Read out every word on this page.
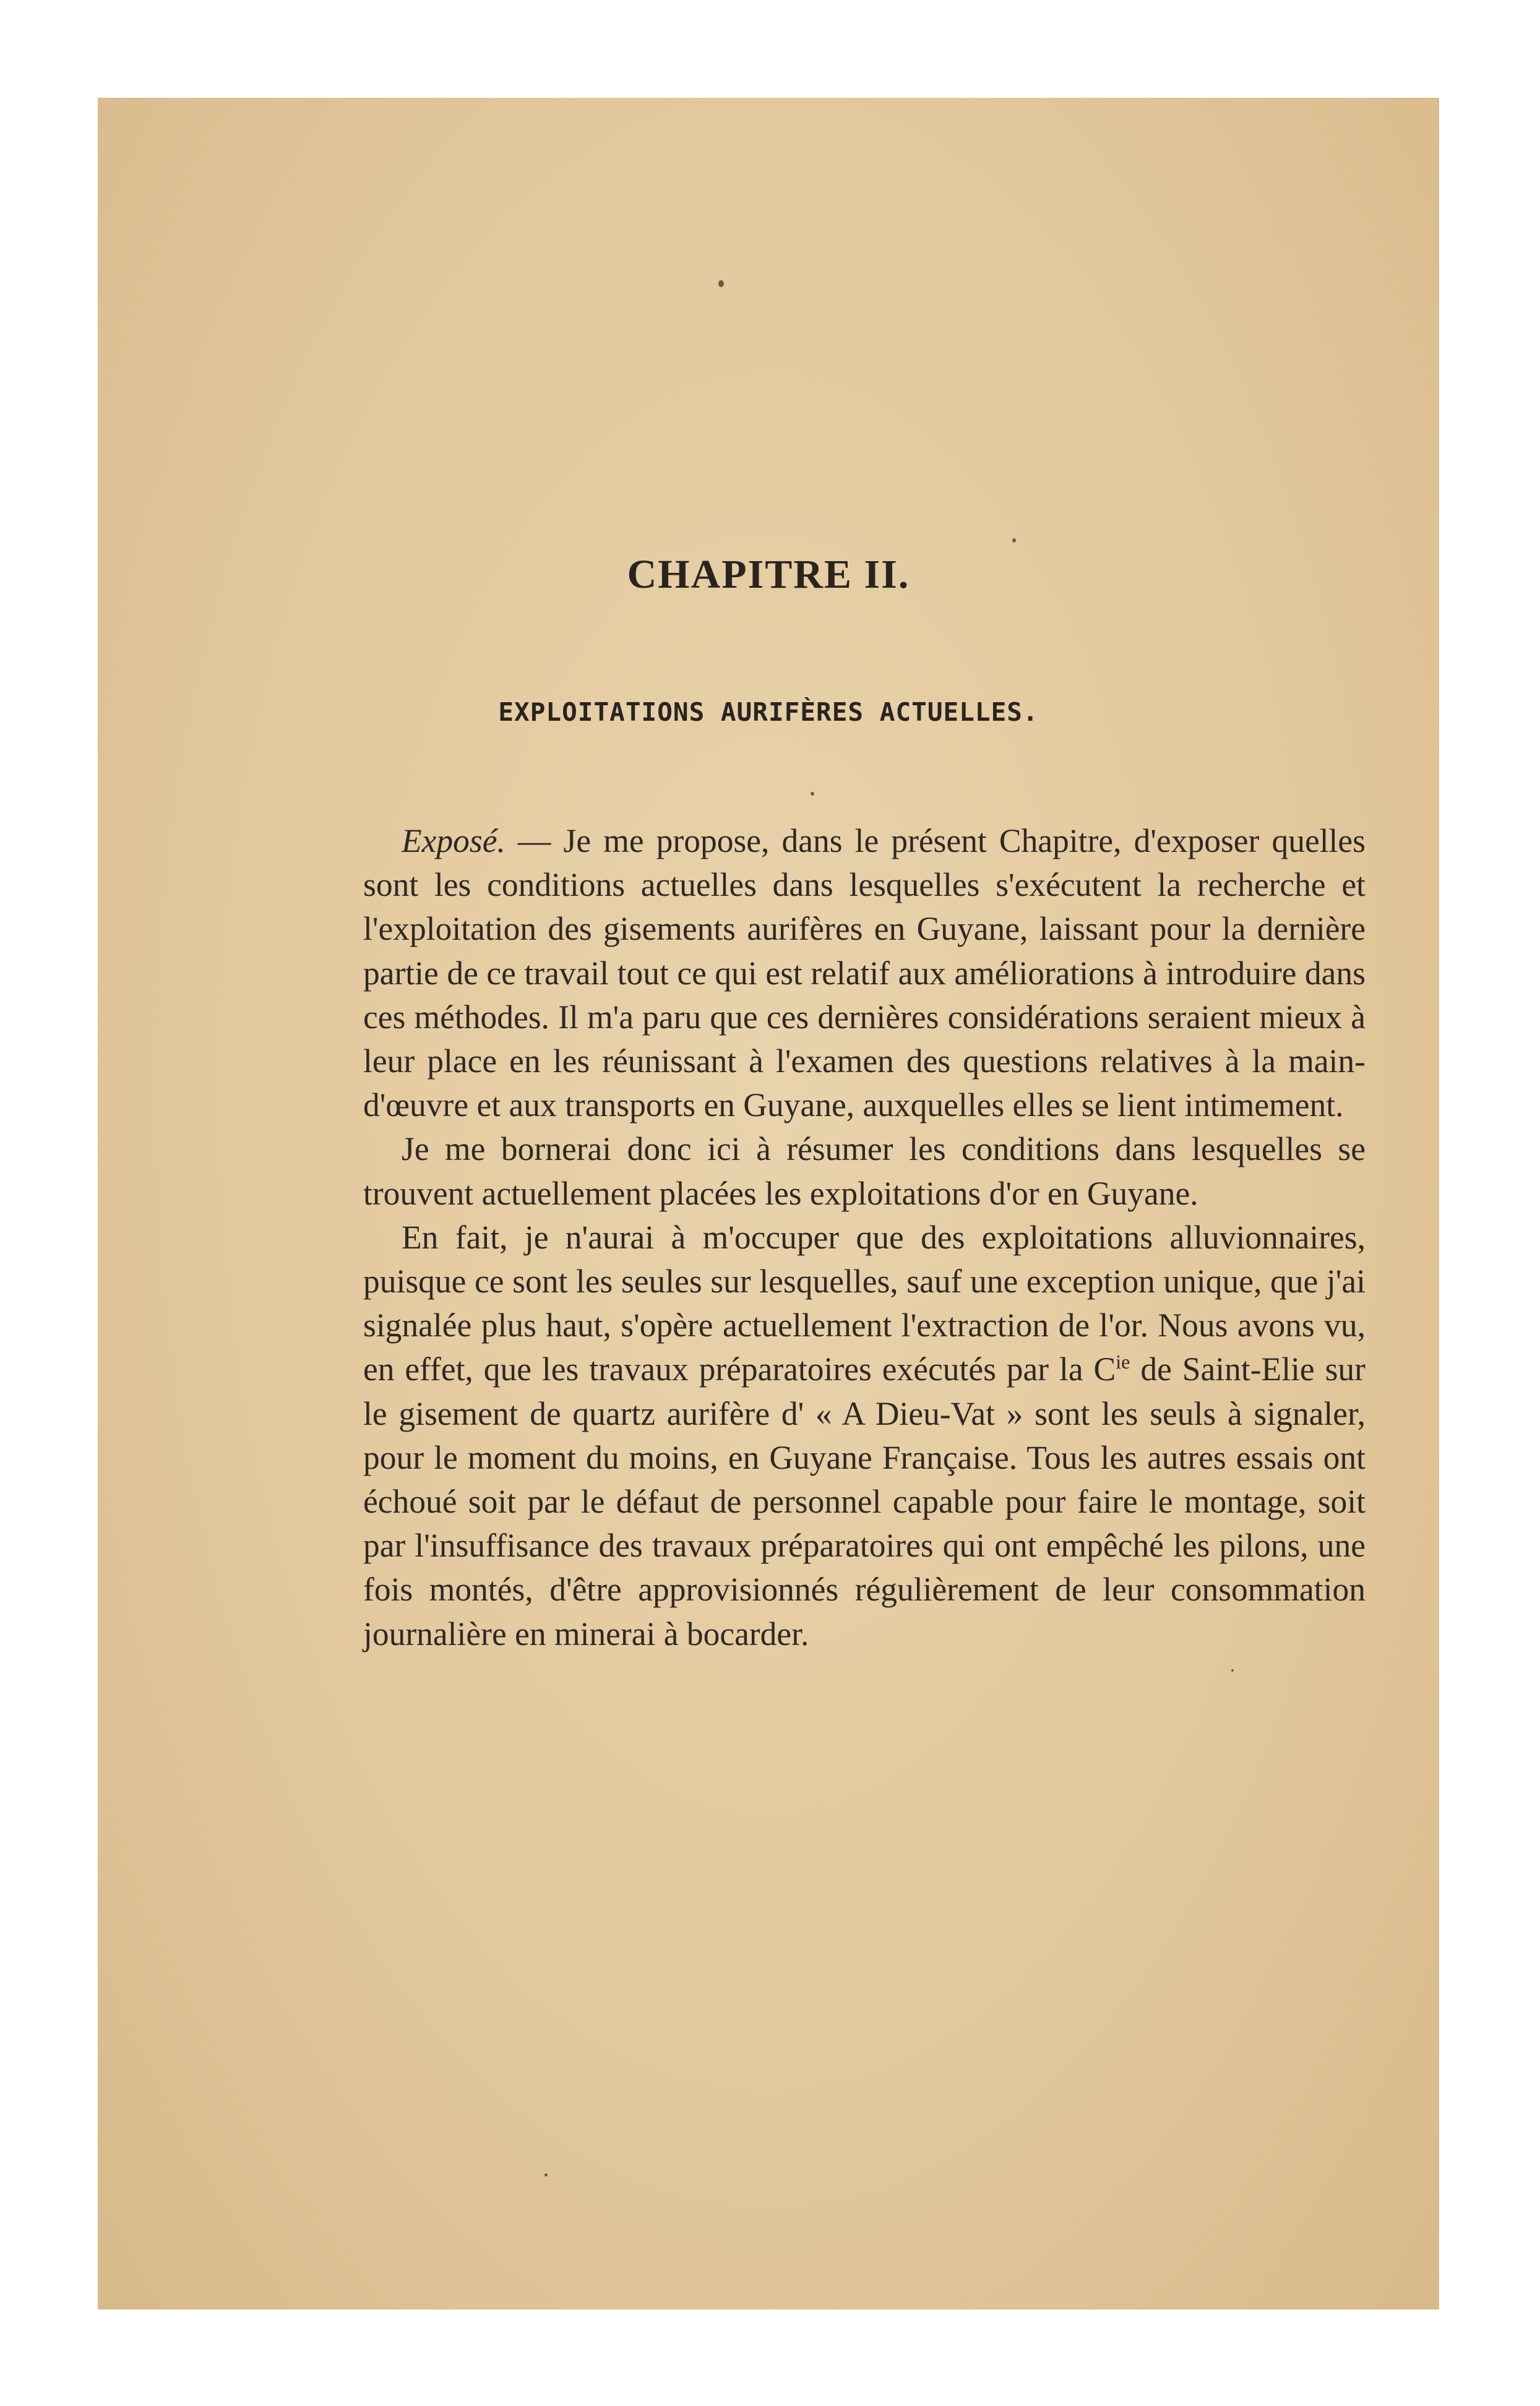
CHAPITRE II.
EXPLOITATIONS AURIFÈRES ACTUELLES.

Exposé. — Je me propose, dans le présent Chapitre, d'exposer quelles sont les conditions actuelles dans lesquelles s'exécutent la recherche et l'exploitation des gisements aurifères en Guyane, laissant pour la dernière partie de ce travail tout ce qui est relatif aux améliorations à introduire dans ces méthodes. Il m'a paru que ces dernières considérations seraient mieux à leur place en les réunissant à l'examen des questions relatives à la main-d'œuvre et aux transports en Guyane, auxquelles elles se lient intimement.

Je me bornerai donc ici à résumer les conditions dans lesquelles se trouvent actuellement placées les exploitations d'or en Guyane.

En fait, je n'aurai à m'occuper que des exploitations alluvionnaires, puisque ce sont les seules sur lesquelles, sauf une exception unique, que j'ai signalée plus haut, s'opère actuellement l'extraction de l'or. Nous avons vu, en effet, que les travaux préparatoires exécutés par la $C^{ie}$ de Saint-Elie sur le gisement de quartz aurifère d' « A Dieu-Vat » sont les seuls à signaler, pour le moment du moins, en Guyane Française. Tous les autres essais ont échoué soit par le défaut de personnel capable pour faire le montage, soit par l'insuffisance des travaux préparatoires qui ont empêché les pilons, une fois montés, d'être approvisionnés régulièrement de leur consommation journalière en minerai à bocarder.
